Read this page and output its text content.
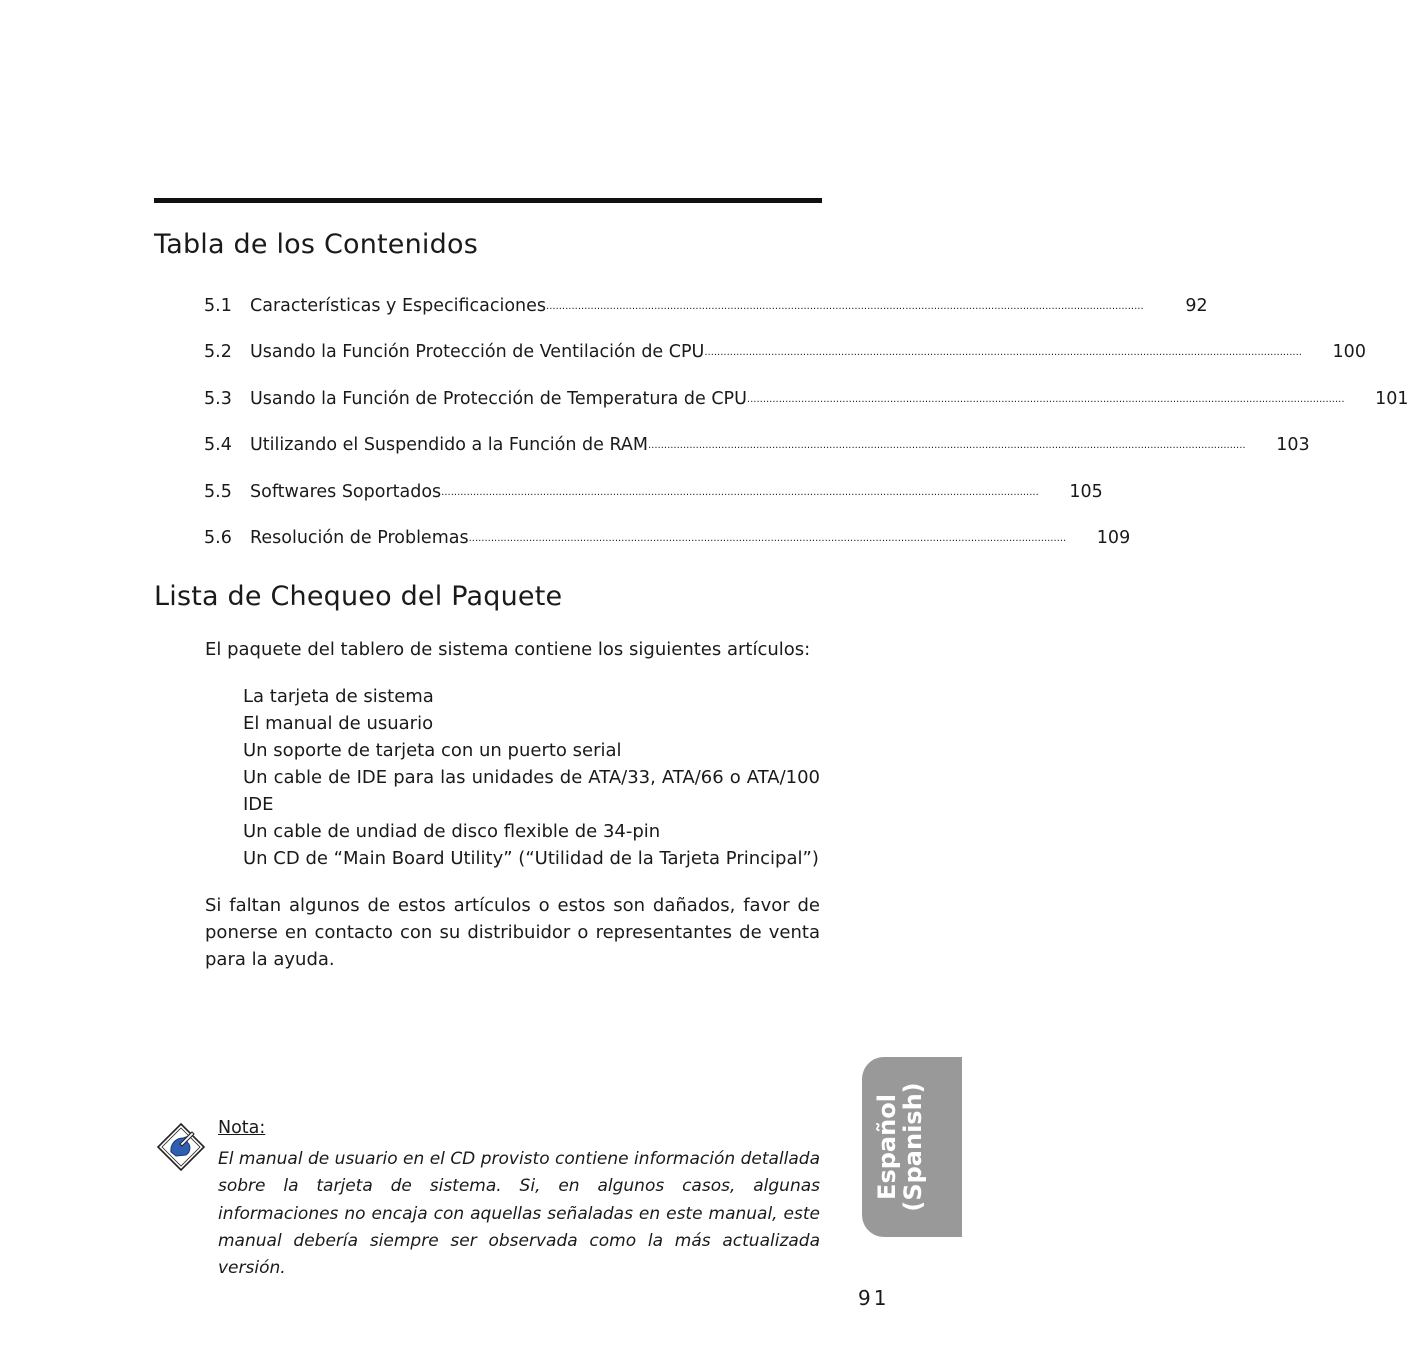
Tabla de los Contenidos
5.1	Características y Especificaciones ............................................................................................................................................................................................	92
5.2	Usando la Función Protección de Ventilación de CPU ............................................................................................................................................................................................	100
5.3	Usando la Función de Protección de Temperatura de CPU ............................................................................................................................................................................................	101
5.4	Utilizando el Suspendido a la Función de RAM ............................................................................................................................................................................................	103
5.5	Softwares Soportados ............................................................................................................................................................................................	105
5.6	Resolución de Problemas ............................................................................................................................................................................................	109
Lista de Chequeo del Paquete

El paquete del tablero de sistema contiene los siguientes artículos:

La tarjeta de sistema
El manual de usuario
Un soporte de tarjeta con un puerto serial
Un cable de IDE para las unidades de ATA/33, ATA/66 o ATA/100 IDE
Un cable de undiad de disco flexible de 34-pin
Un CD de “Main Board Utility” (“Utilidad de la Tarjeta Principal”)

Si faltan algunos de estos artículos o estos son dañados, favor de ponerse en contacto con su distribuidor o representantes de venta para la ayuda.

Nota:

El manual de usuario en el CD provisto contiene información detallada sobre la tarjeta de sistema. Si, en algunos casos, algunas informaciones no encaja con aquellas señaladas en este manual, este manual debería siempre ser observada como la más actualizada versión.

Español
(Spanish)
91
